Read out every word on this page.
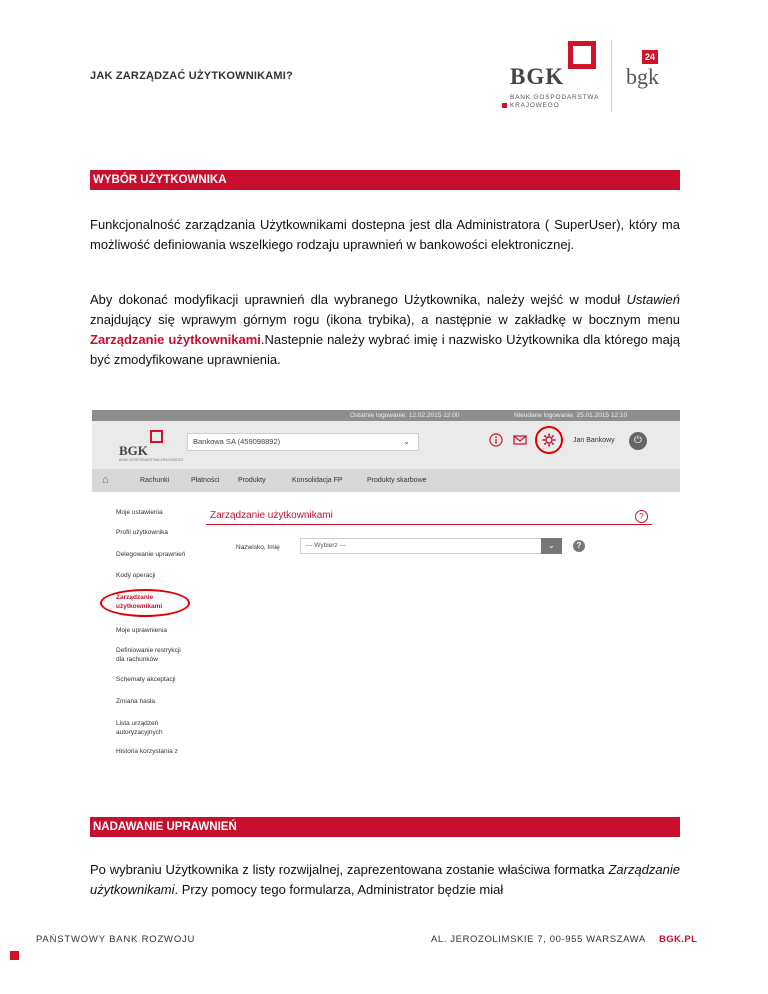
JAK ZARZĄDZAĆ UŻYTKOWNIKAMI?	BGK
BANK GOSPODARSTWA
KRAJOWEGO
24
bgk
WYBÓR UŻYTKOWNIKA
Funkcjonalność zarządzania Użytkownikami dostepna jest dla Administratora ( SuperUser), który ma możliwość definiowania wszelkiego rodzaju uprawnień w bankowości elektronicznej.
Aby dokonać modyfikacji uprawnień dla wybranego Użytkownika, należy wejść w moduł Ustawień znajdujący się wprawym górnym rogu (ikona trybika), a następnie w zakładkę w bocznym menu Zarządzanie użytkownikami.Nastepnie należy wybrać imię i nazwisko Użytkownika dla którego mają być zmodyfikowane uprawnienia.
Ostatnie logowanie: 12.02.2015 12:00	Nieudane logowanie: 25.01.2015 12:10
BGK
BANK GOSPODARSTWA KRAJOWEGO
Bankowa SA (459098892)	⌄	Jan Bankowy	⏻
⌂	Rachunki	Płatności	Produkty	Konsolidacja FP	Produkty skarbowe
Moje ustawienia
Profil użytkownika
Delegowanie uprawnień
Kody operacji
Zarządzanie
użytkownikami
Moje uprawnienia
Definiowanie restrykcji
dla rachunków
Schematy akceptacji
Zmiana hasła
Lista urządzeń
autoryzacyjnych
Historia korzystania z
Zarządzanie użytkownikami	?
Nazwisko, Imię	--- Wybierz ---	⌄	?
NADAWANIE UPRAWNIEŃ
Po wybraniu Użytkownika z listy rozwijalnej, zaprezentowana zostanie właściwa formatka Zarządzanie użytkownikami. Przy pomocy tego formularza, Administrator będzie miał
PAŃSTWOWY BANK ROZWOJU	AL. JEROZOLIMSKIE 7, 00-955 WARSZAWA BGK.PL
